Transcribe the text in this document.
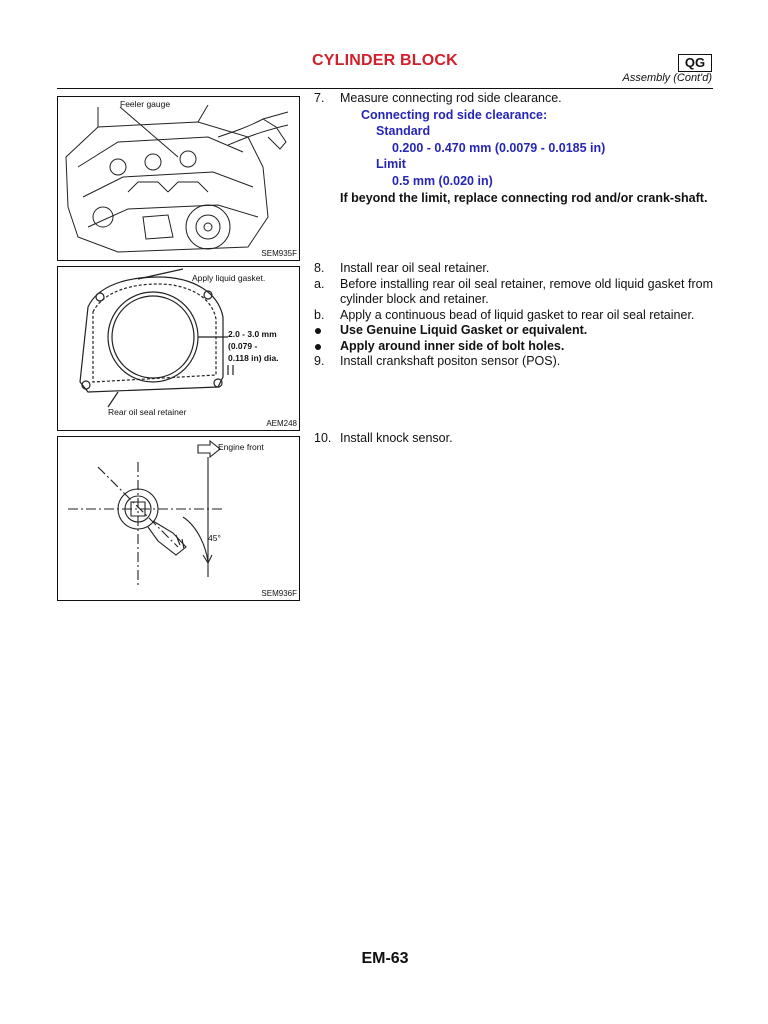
CYLINDER BLOCK	QG
Assembly (Cont'd)
Feeler gauge
SEM935F
Apply liquid gasket.
2.0 - 3.0 mm
(0.079 -
0.118 in) dia.
Rear oil seal retainer
AEM248
Engine front
45°
SEM936F
7. Measure connecting rod side clearance.
Connecting rod side clearance:
Standard
0.200 - 0.470 mm (0.0079 - 0.0185 in)
Limit
0.5 mm (0.020 in)
If beyond the limit, replace connecting rod and/or crank-shaft.
8. Install rear oil seal retainer.
a. Before installing rear oil seal retainer, remove old liquid gasket from cylinder block and retainer.
b. Apply a continuous bead of liquid gasket to rear oil seal retainer.
Use Genuine Liquid Gasket or equivalent.
Apply around inner side of bolt holes.
9. Install crankshaft positon sensor (POS).
10. Install knock sensor.
EM-63
